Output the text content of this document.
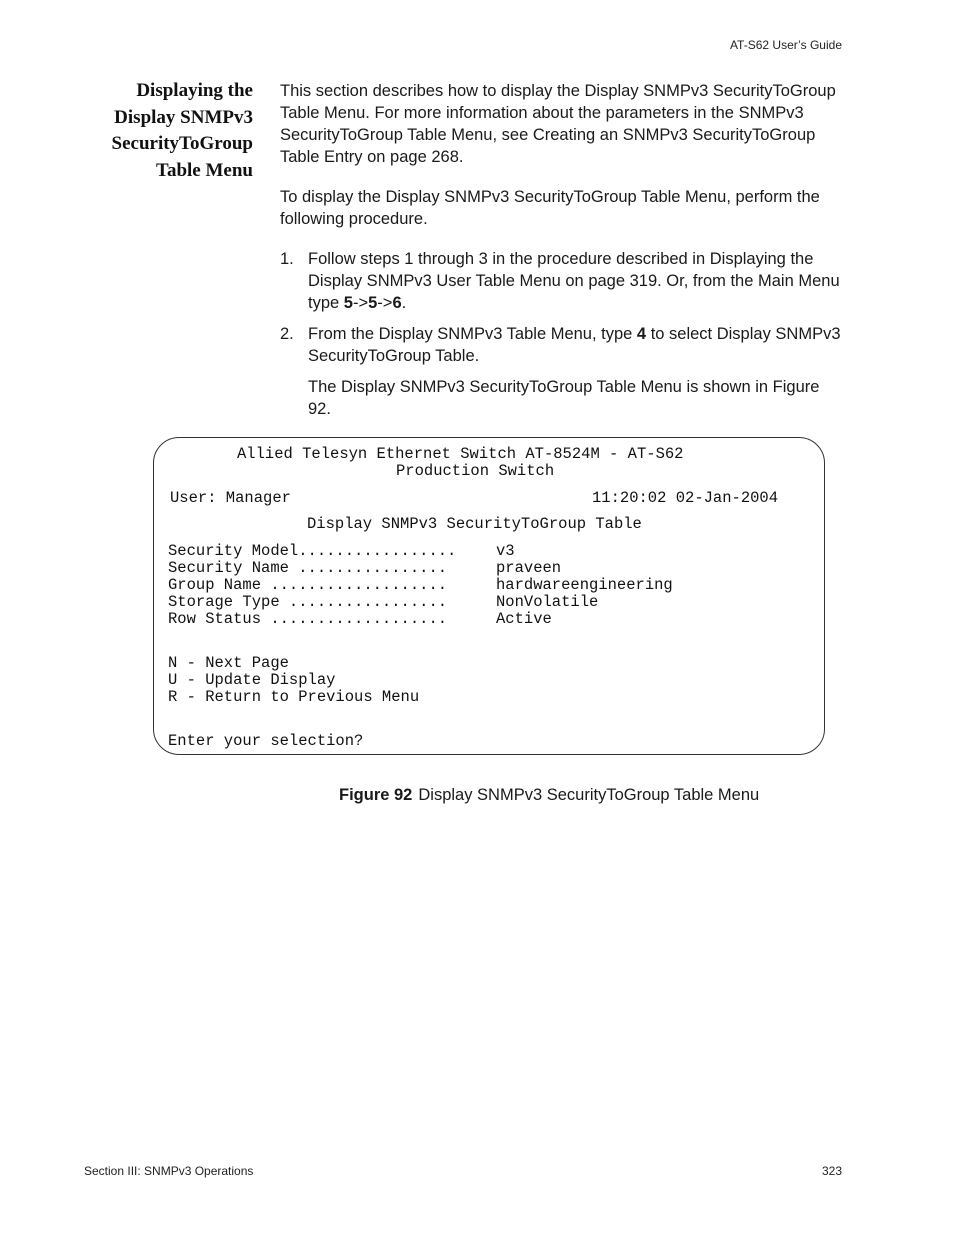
AT-S62 User’s Guide
Displaying the
Display SNMPv3
SecurityToGroup
Table Menu

This section describes how to display the Display SNMPv3 SecurityToGroup Table Menu. For more information about the parameters in the SNMPv3 SecurityToGroup Table Menu, see Creating an SNMPv3 SecurityToGroup Table Entry on page 268.

To display the Display SNMPv3 SecurityToGroup Table Menu, perform the following procedure.

1. Follow steps 1 through 3 in the procedure described in Displaying the Display SNMPv3 User Table Menu on page 319. Or, from the Main Menu type 5->5->6.
2. From the Display SNMPv3 Table Menu, type 4 to select Display SNMPv3 SecurityToGroup Table.
The Display SNMPv3 SecurityToGroup Table Menu is shown in Figure 92.
Allied Telesyn Ethernet Switch AT-8524M - AT-S62
Production Switch
User: Manager	11:20:02 02-Jan-2004
Display SNMPv3 SecurityToGroup Table
Security Model.................	v3
Security Name ................	praveen
Group Name ...................	hardwareengineering
Storage Type .................	NonVolatile
Row Status ...................	Active
N - Next Page
U - Update Display
R - Return to Previous Menu
Enter your selection?
Figure 92 Display SNMPv3 SecurityToGroup Table Menu
Section III: SNMPv3 Operations	323
